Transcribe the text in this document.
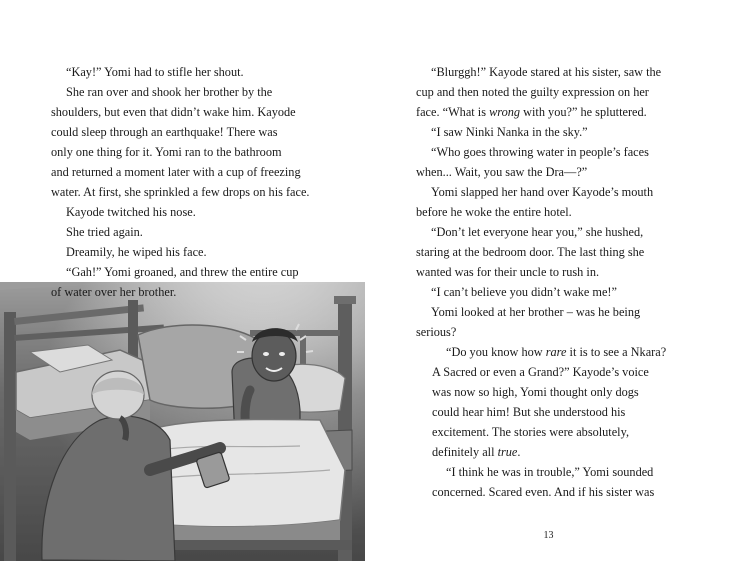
“Kay!” Yomi had to stifle her shout.
She ran over and shook her brother by the
shoulders, but even that didn’t wake him. Kayode
could sleep through an earthquake! There was
only one thing for it. Yomi ran to the bathroom
and returned a moment later with a cup of freezing
water. At first, she sprinkled a few drops on his face.
Kayode twitched his nose.
She tried again.
Dreamily, he wiped his face.
“Gah!” Yomi groaned, and threw the entire cup
of water over her brother.
“Blurggh!” Kayode stared at his sister, saw the
cup and then noted the guilty expression on her
face. “What is wrong with you?” he spluttered.
“I saw Ninki Nanka in the sky.”
“Who goes throwing water in people’s faces
when... Wait, you saw the Dra—?”
Yomi slapped her hand over Kayode’s mouth
before he woke the entire hotel.
“Don’t let everyone hear you,” she hushed,
staring at the bedroom door. The last thing she
wanted was for their uncle to rush in.
“I can’t believe you didn’t wake me!”
Yomi looked at her brother – was he being
serious?
“Do you know how rare it is to see a Nkara?
A Sacred or even a Grand?” Kayode’s voice
was now so high, Yomi thought only dogs
could hear him! But she understood his
excitement. The stories were absolutely,
definitely all true.
“I think he was in trouble,” Yomi sounded
concerned. Scared even. And if his sister was
13
